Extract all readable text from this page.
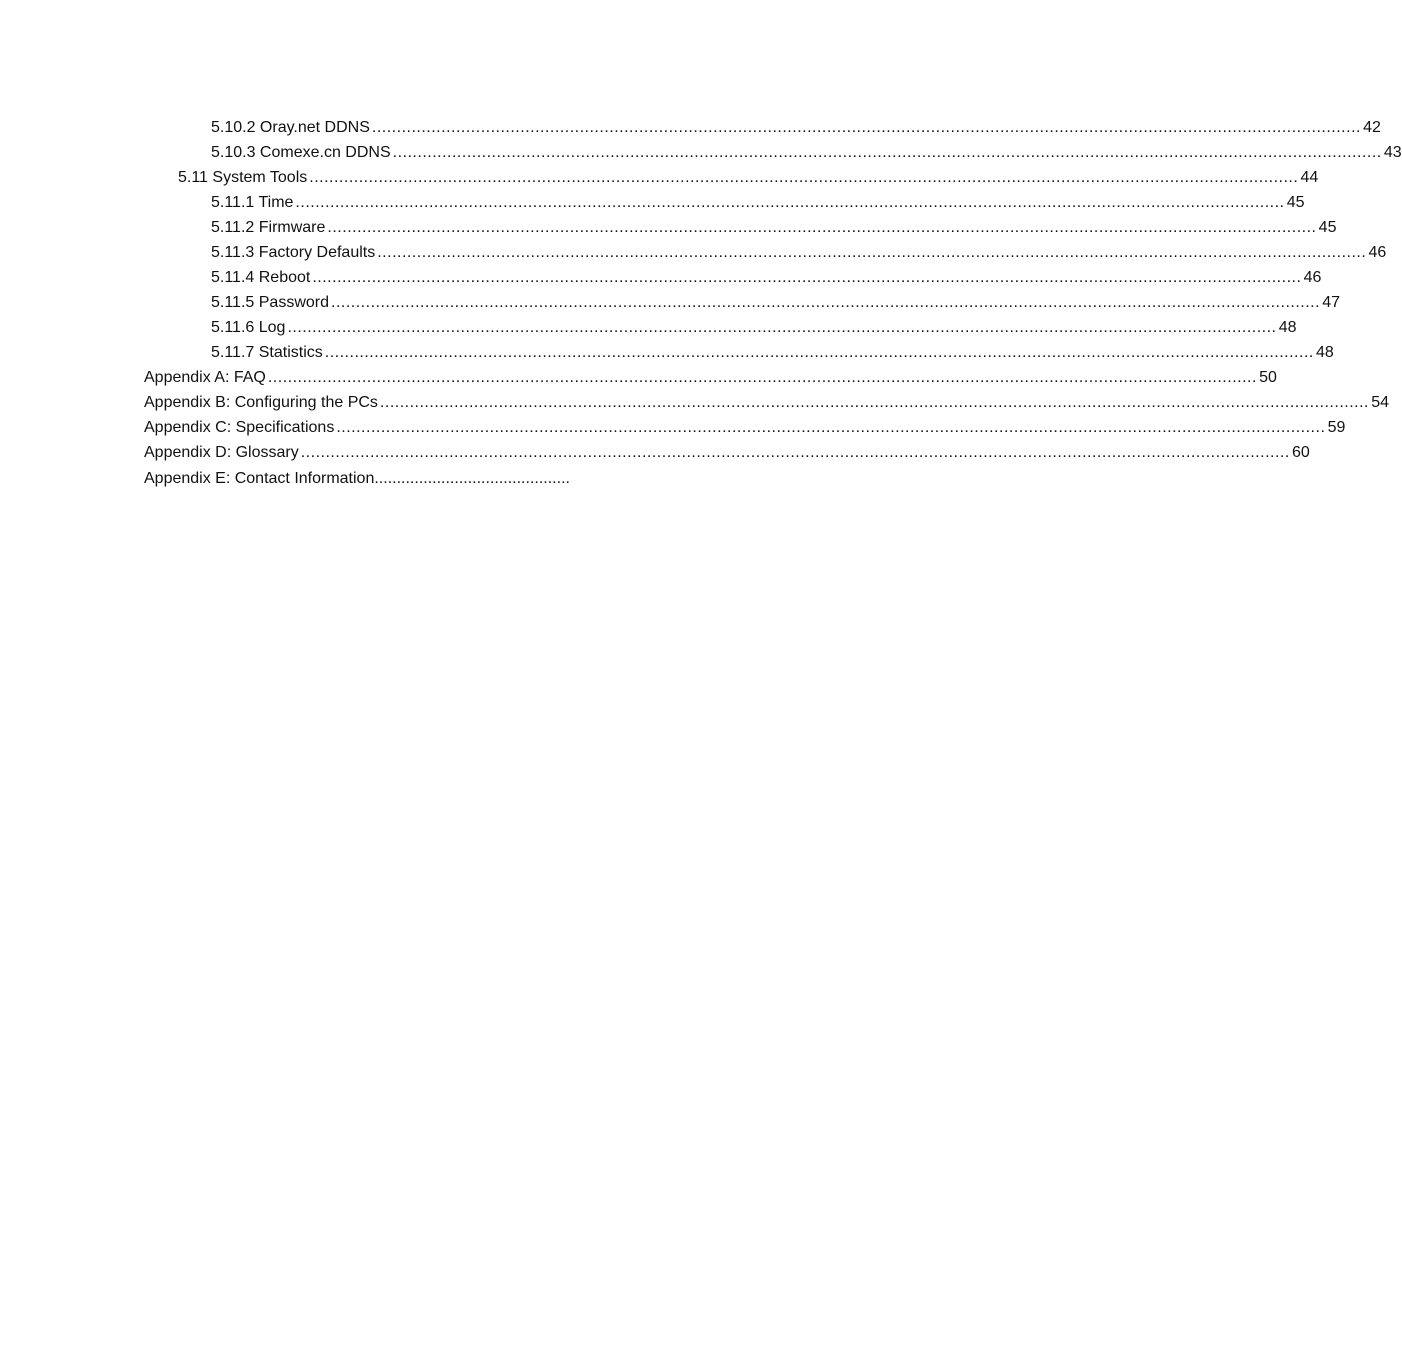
5.10.2 Oray.net DDNS ........................................................................................................................................................................................................ 42
5.10.3 Comexe.cn DDNS ........................................................................................................................................................................................................ 43
5.11 System Tools ........................................................................................................................................................................................................ 44
5.11.1 Time ........................................................................................................................................................................................................ 45
5.11.2 Firmware ........................................................................................................................................................................................................ 45
5.11.3 Factory Defaults ........................................................................................................................................................................................................ 46
5.11.4 Reboot ........................................................................................................................................................................................................ 46
5.11.5 Password ........................................................................................................................................................................................................ 47
5.11.6 Log ........................................................................................................................................................................................................ 48
5.11.7 Statistics ........................................................................................................................................................................................................ 48
Appendix A: FAQ ........................................................................................................................................................................................................ 50
Appendix B: Configuring the PCs ........................................................................................................................................................................................................ 54
Appendix C: Specifications ........................................................................................................................................................................................................ 59
Appendix D: Glossary ........................................................................................................................................................................................................ 60
Appendix E: Contact Information ............................................
